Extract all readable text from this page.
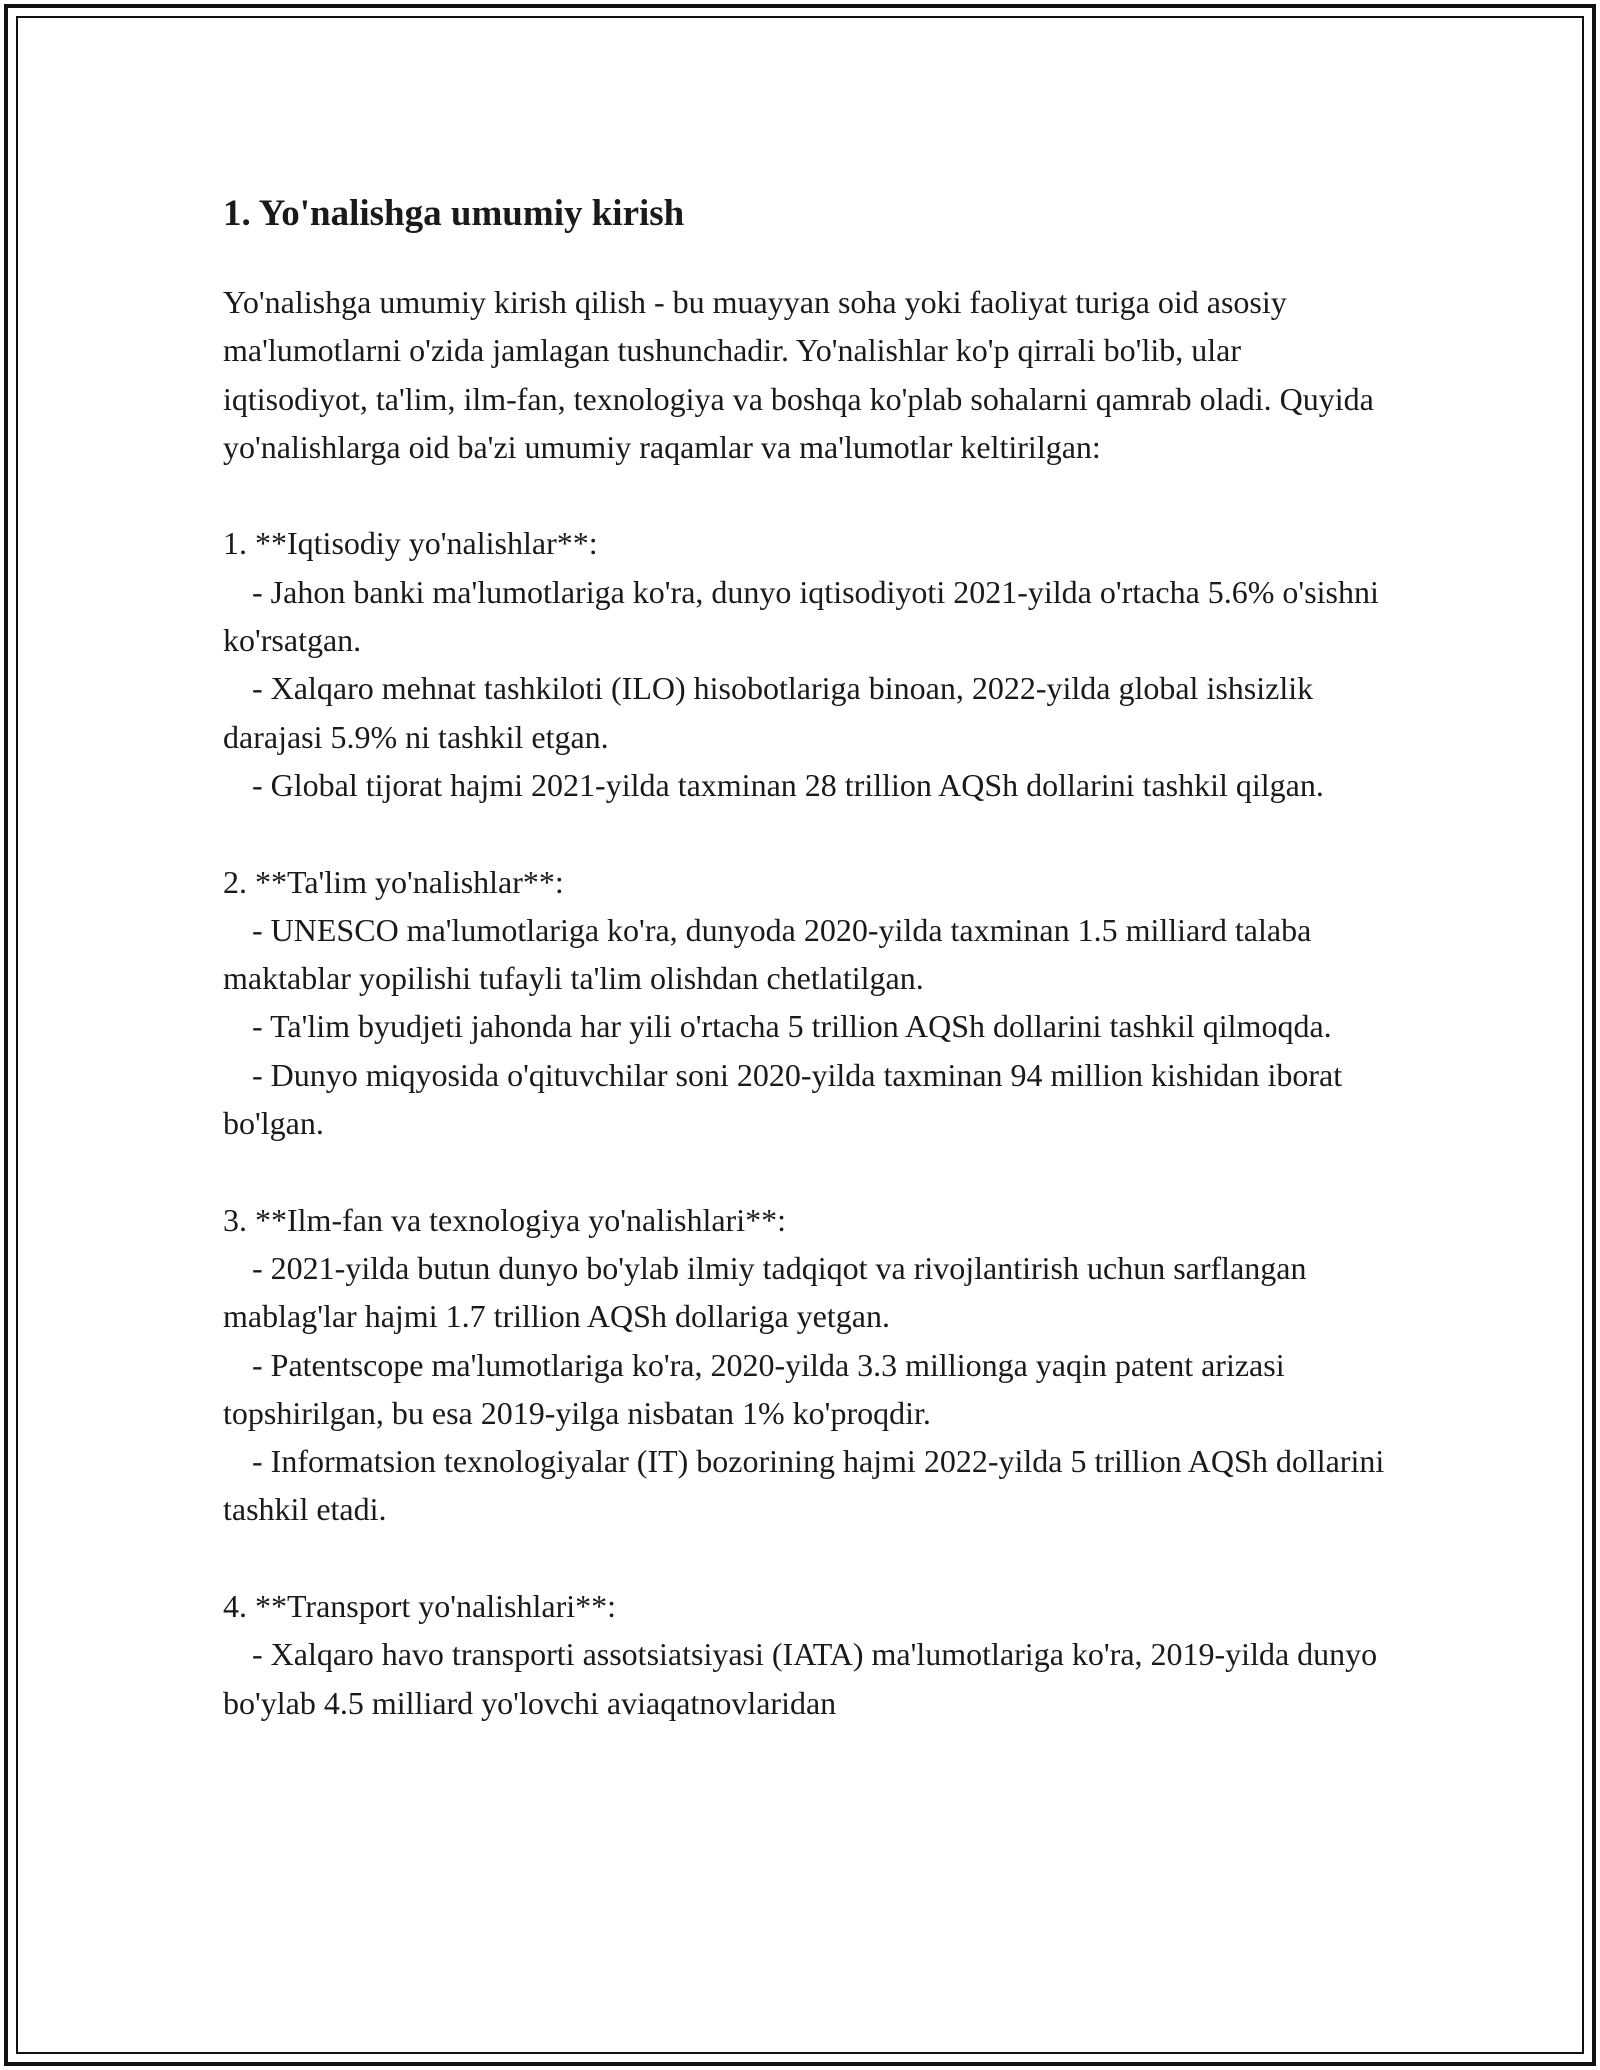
1. Yo'nalishga umumiy kirish

Yo'nalishga umumiy kirish qilish - bu muayyan soha yoki faoliyat turiga oid asosiy ma'lumotlarni o'zida jamlagan tushunchadir. Yo'nalishlar ko'p qirrali bo'lib, ular iqtisodiyot, ta'lim, ilm-fan, texnologiya va boshqa ko'plab sohalarni qamrab oladi. Quyida yo'nalishlarga oid ba'zi umumiy raqamlar va ma'lumotlar keltirilgan:

1. **Iqtisodiy yo'nalishlar**:

- Jahon banki ma'lumotlariga ko'ra, dunyo iqtisodiyoti 2021-yilda o'rtacha 5.6% o'sishni ko'rsatgan.

- Xalqaro mehnat tashkiloti (ILO) hisobotlariga binoan, 2022-yilda global ishsizlik darajasi 5.9% ni tashkil etgan.

- Global tijorat hajmi 2021-yilda taxminan 28 trillion AQSh dollarini tashkil qilgan.

2. **Ta'lim yo'nalishlar**:

- UNESCO ma'lumotlariga ko'ra, dunyoda 2020-yilda taxminan 1.5 milliard talaba maktablar yopilishi tufayli ta'lim olishdan chetlatilgan.

- Ta'lim byudjeti jahonda har yili o'rtacha 5 trillion AQSh dollarini tashkil qilmoqda.

- Dunyo miqyosida o'qituvchilar soni 2020-yilda taxminan 94 million kishidan iborat bo'lgan.

3. **Ilm-fan va texnologiya yo'nalishlari**:

- 2021-yilda butun dunyo bo'ylab ilmiy tadqiqot va rivojlantirish uchun sarflangan mablag'lar hajmi 1.7 trillion AQSh dollariga yetgan.

- Patentscope ma'lumotlariga ko'ra, 2020-yilda 3.3 millionga yaqin patent arizasi topshirilgan, bu esa 2019-yilga nisbatan 1% ko'proqdir.

- Informatsion texnologiyalar (IT) bozorining hajmi 2022-yilda 5 trillion AQSh dollarini tashkil etadi.

4. **Transport yo'nalishlari**:

- Xalqaro havo transporti assotsiatsiyasi (IATA) ma'lumotlariga ko'ra, 2019-yilda dunyo bo'ylab 4.5 milliard yo'lovchi aviaqatnovlaridan
